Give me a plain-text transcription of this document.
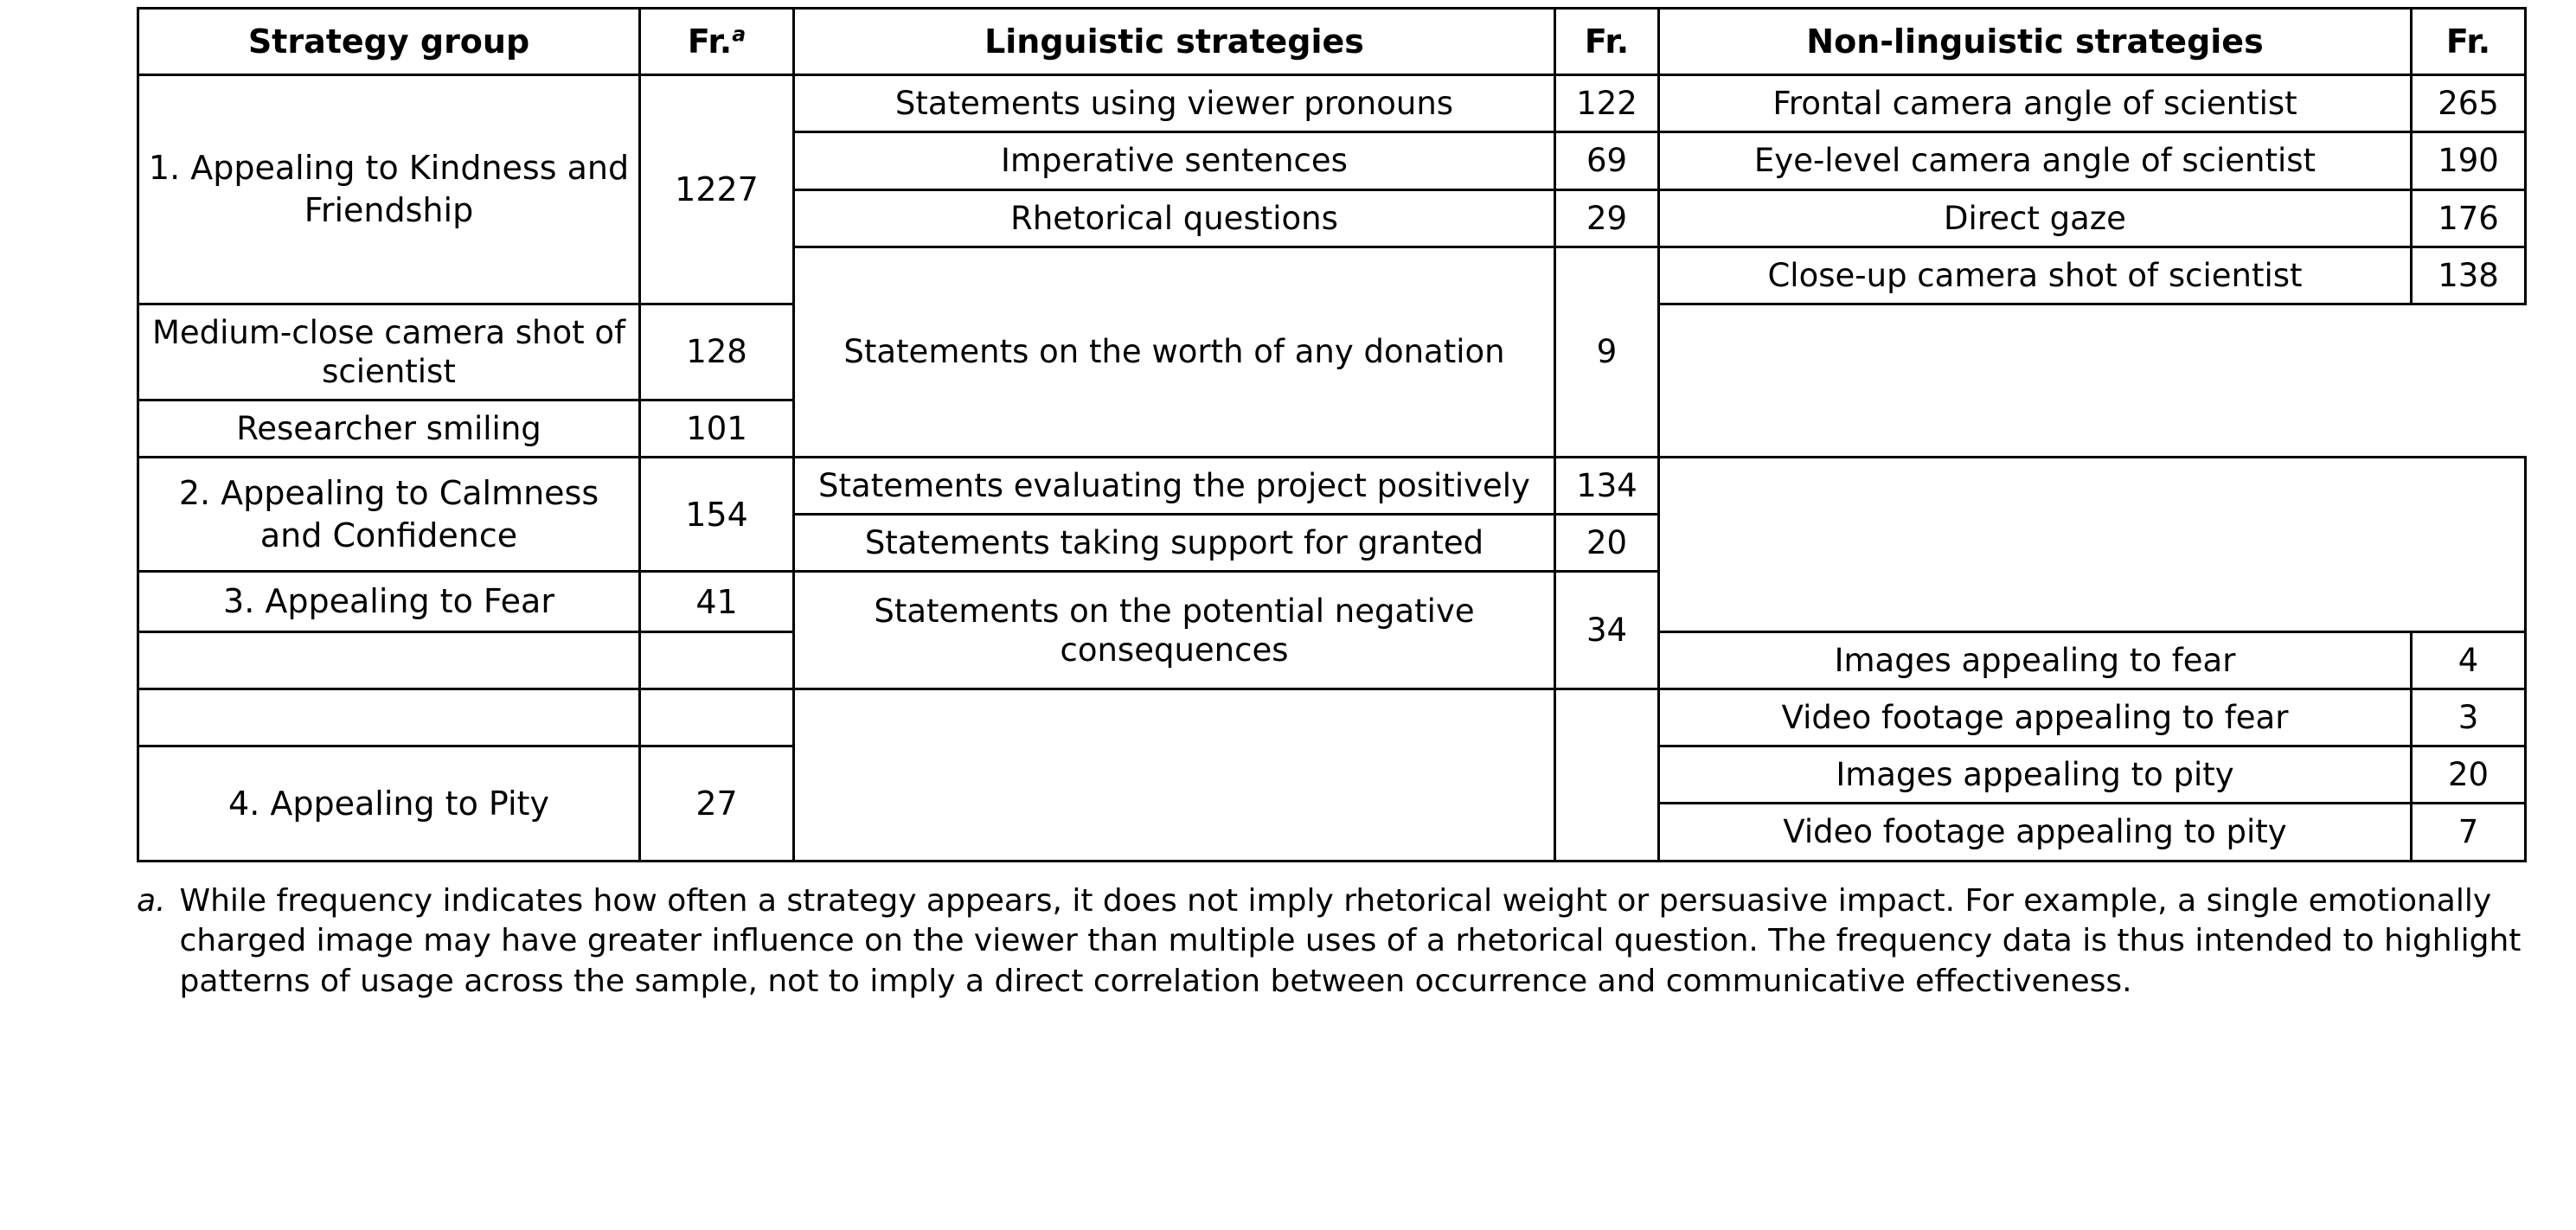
Strategy group	Fr.$^a$	Linguistic strategies	Fr.	Non-linguistic strategies	Fr.
1. Appealing to Kindness and Friendship	1227	Statements using viewer pronouns	122	Frontal camera angle of scientist	265
		Imperative sentences	69	Eye-level camera angle of scientist	190
		Rhetorical questions	29	Direct gaze	176
		Statements on the worth of any donation	9	Close-up camera shot of scientist	138
Medium-close camera shot of scientist	128				
Researcher smiling	101				
2. Appealing to Calmness and Confidence	154	Statements evaluating the project positively	134		
		Statements taking support for granted	20		
3. Appealing to Fear	41	Statements on the potential negative consequences	34		
				Images appealing to fear	4
				Video footage appealing to fear	3
4. Appealing to Pity	27			Images appealing to pity	20
				Video footage appealing to pity	7
a. While frequency indicates how often a strategy appears, it does not imply rhetorical weight or persuasive impact. For example, a single emotionally charged image may have greater influence on the viewer than multiple uses of a rhetorical question. The frequency data is thus intended to highlight patterns of usage across the sample, not to imply a direct correlation between occurrence and communicative effectiveness.
